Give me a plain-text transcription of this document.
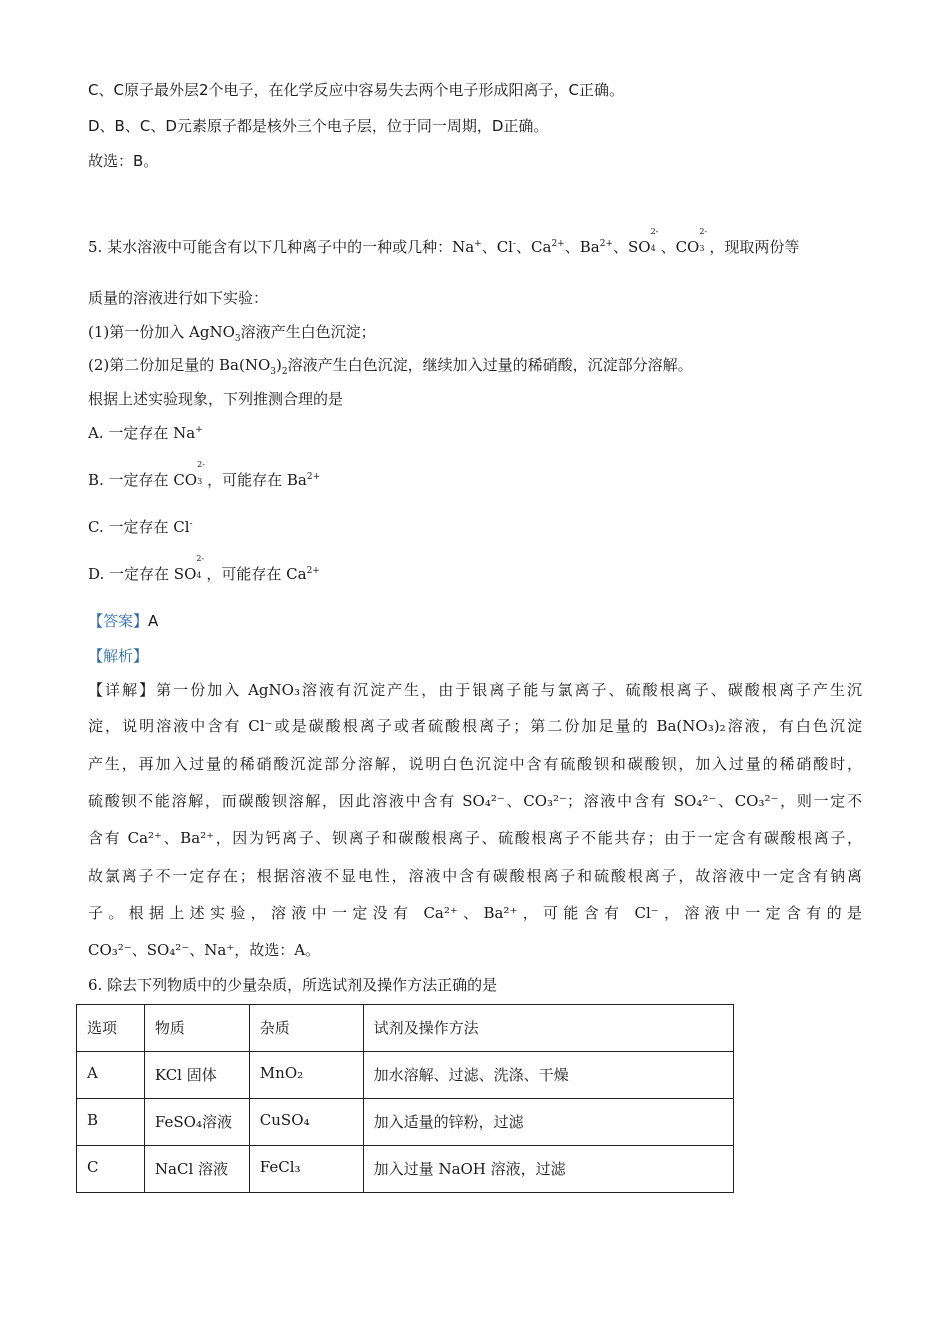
C、C原子最外层2个电子，在化学反应中容易失去两个电子形成阳离子，C正确。
D、B、C、D元素原子都是核外三个电子层，位于同一周期，D正确。
故选：B。
5. 某水溶液中可能含有以下几种离子中的一种或几种：Na+、Cl-、$Ca^{2+}$、$Ba^{2+}$、SO
2-
4 、CO
2-
3 ，现取两份等
质量的溶液进行如下实验：
(1)第一份加入 AgNO$_3$溶液产生白色沉淀；
(2)第二份加足量的 $Ba(NO_3)_2$溶液产生白色沉淀，继续加入过量的稀硝酸，沉淀部分溶解。
根据上述实验现象，下列推测合理的是
A. 一定存在 Na+
B. 一定存在 CO
2-
3 ，可能存在 $Ba^{2+}$
C. 一定存在 Cl-
D. 一定存在 SO
2-
4 ，可能存在 $Ca^{2+}$
【答案】A
【解析】
【详解】第一份加入 AgNO₃溶液有沉淀产生，由于银离子能与氯离子、硫酸根离子、碳酸根离子产生沉
淀，说明溶液中含有 Cl⁻或是碳酸根离子或者硫酸根离子；第二份加足量的 Ba(NO₃)₂溶液，有白色沉淀
产生，再加入过量的稀硝酸沉淀部分溶解，说明白色沉淀中含有硫酸钡和碳酸钡，加入过量的稀硝酸时，
硫酸钡不能溶解，而碳酸钡溶解，因此溶液中含有 SO₄²⁻、CO₃²⁻；溶液中含有 SO₄²⁻、CO₃²⁻，则一定不
含有 Ca²⁺、Ba²⁺，因为钙离子、钡离子和碳酸根离子、硫酸根离子不能共存；由于一定含有碳酸根离子，
故氯离子不一定存在；根据溶液不显电性，溶液中含有碳酸根离子和硫酸根离子，故溶液中一定含有钠离
子。根据上述实验，溶液中一定没有 Ca²⁺、Ba²⁺，可能含有 Cl⁻，溶液中一定含有的是
CO₃²⁻、SO₄²⁻、Na⁺，故选：A。
6. 除去下列物质中的少量杂质，所选试剂及操作方法正确的是
选项	物质	杂质	试剂及操作方法
A	KCl 固体	MnO₂	加水溶解、过滤、洗涤、干燥
B	FeSO₄溶液	CuSO₄	加入适量的锌粉，过滤
C	NaCl 溶液	FeCl₃	加入过量 NaOH 溶液，过滤
